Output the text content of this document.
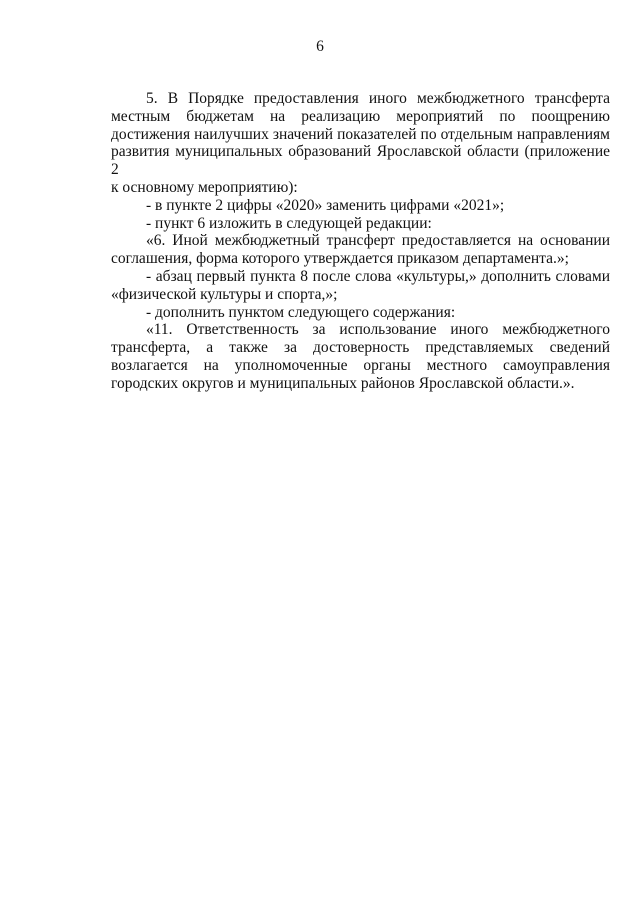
6

5. В Порядке предоставления иного межбюджетного трансферта местным бюджетам на реализацию мероприятий по поощрению достижения наилучших значений показателей по отдельным направлениям развития муниципальных образований Ярославской области (приложение 2

к основному мероприятию):

- в пункте 2 цифры «2020» заменить цифрами «2021»;

- пункт 6 изложить в следующей редакции:

«6. Иной межбюджетный трансферт предоставляется на основании соглашения, форма которого утверждается приказом департамента.»;

- абзац первый пункта 8 после слова «культуры,» дополнить словами «физической культуры и спорта,»;

- дополнить пунктом следующего содержания:

«11. Ответственность за использование иного межбюджетного трансферта, а также за достоверность представляемых сведений возлагается на уполномоченные органы местного самоуправления городских округов и муниципальных районов Ярославской области.».
